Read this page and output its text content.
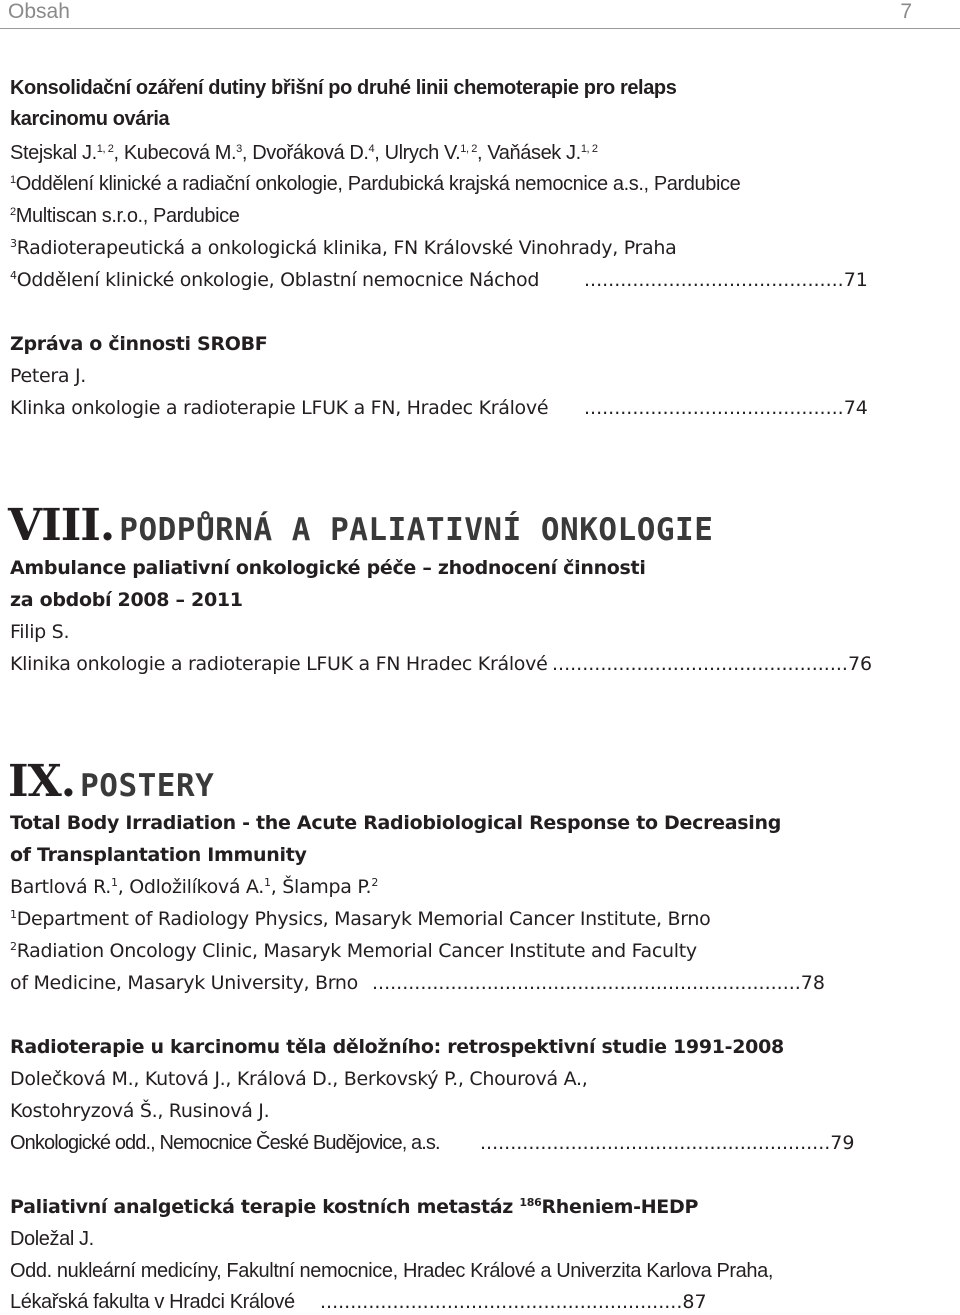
Obsah	7
Konsolidační ozáření dutiny břišní po druhé linii chemoterapie pro relaps
karcinomu ovária
Stejskal J.$^{1, 2}$, Kubecová M.$^3$, Dvořáková D.$^4$, Ulrych V.$^{1, 2}$, Vaňásek J.$^{1, 2}$
$^1$Oddělení klinické a radiační onkologie, Pardubická krajská nemocnice a.s., Pardubice
$^2$Multiscan s.r.o., Pardubice
$^3$Radioterapeutická a onkologická klinika, FN Královské Vinohrady, Praha
$^4$Oddělení klinické onkologie, Oblastní nemocnice Náchod ...........................................71
Zpráva o činnosti SROBF
Petera J.
Klinka onkologie a radioterapie LFUK a FN, Hradec Králové ...........................................74
VIII. PODPŮRNÁ A PALIATIVNÍ ONKOLOGIE
Ambulance paliativní onkologické péče – zhodnocení činnosti
za období 2008 – 2011
Filip S.
Klinika onkologie a radioterapie LFUK a FN Hradec Králové .................................................76
IX. POSTERY
Total Body Irradiation - the Acute Radiobiological Response to Decreasing
of Transplantation Immunity
Bartlová R.$^1$, Odložilíková A.$^1$, Šlampa P.$^2$
$^1$Department of Radiology Physics, Masaryk Memorial Cancer Institute, Brno
$^2$Radiation Oncology Clinic, Masaryk Memorial Cancer Institute and Faculty
of Medicine, Masaryk University, Brno .......................................................................78
Radioterapie u karcinomu těla děložního: retrospektivní studie 1991-2008
Dolečková M., Kutová J., Králová D., Berkovský P., Chourová A.,
Kostohryzová Š., Rusinová J.
Onkologické odd., Nemocnice České Budějovice, a.s. ..........................................................79
Paliativní analgetická terapie kostních metastáz $^{186}$Rheniem-HEDP
Doležal J.
Odd. nukleární medicíny, Fakultní nemocnice, Hradec Králové a Univerzita Karlova Praha,
Lékařská fakulta v Hradci Králové ............................................................87
